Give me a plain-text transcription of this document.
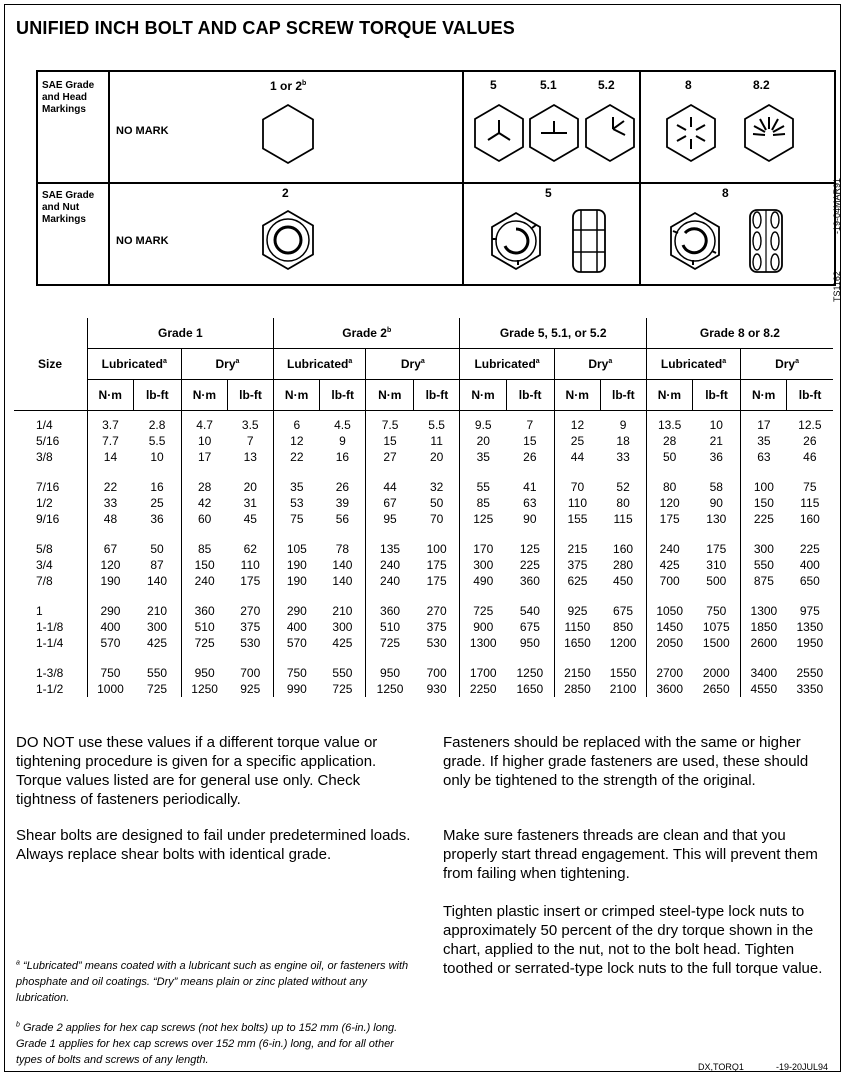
UNIFIED INCH BOLT AND CAP SCREW TORQUE VALUES
-19-04MAR91
TS1162
SAE Grade and Head Markings
NO MARK
1 or 2$^b$	5	5.1	5.2	8	8.2
SAE Grade and Nut Markings
NO MARK
2	5	8
Size	Grade 1				Grade 2$^b$				Grade 5, 5.1, or 5.2				Grade 8 or 8.2			
	Lubricated$^a$		Dry$^a$		Lubricated$^a$		Dry$^a$		Lubricated$^a$		Dry$^a$		Lubricated$^a$		Dry$^a$
	N·m	lb-ft	N·m	lb-ft	N·m	lb-ft	N·m	lb-ft	N·m	lb-ft	N·m	lb-ft	N·m	lb-ft	N·m	lb-ft
1/4	3.7	2.8	4.7	3.5	6	4.5	7.5	5.5	9.5	7	12	9	13.5	10	17	12.5
5/16	7.7	5.5	10	7	12	9	15	11	20	15	25	18	28	21	35	26
3/8	14	10	17	13	22	16	27	20	35	26	44	33	50	36	63	46

7/16	22	16	28	20	35	26	44	32	55	41	70	52	80	58	100	75
1/2	33	25	42	31	53	39	67	50	85	63	110	80	120	90	150	115
9/16	48	36	60	45	75	56	95	70	125	90	155	115	175	130	225	160

5/8	67	50	85	62	105	78	135	100	170	125	215	160	240	175	300	225
3/4	120	87	150	110	190	140	240	175	300	225	375	280	425	310	550	400
7/8	190	140	240	175	190	140	240	175	490	360	625	450	700	500	875	650

1	290	210	360	270	290	210	360	270	725	540	925	675	1050	750	1300	975
1-1/8	400	300	510	375	400	300	510	375	900	675	1150	850	1450	1075	1850	1350
1-1/4	570	425	725	530	570	425	725	530	1300	950	1650	1200	2050	1500	2600	1950

1-3/8	750	550	950	700	750	550	950	700	1700	1250	2150	1550	2700	2000	3400	2550
1-1/2	1000	725	1250	925	990	725	1250	930	2250	1650	2850	2100	3600	2650	4550	3350
DO NOT use these values if a different torque value or tightening procedure is given for a specific application. Torque values listed are for general use only. Check tightness of fasteners periodically.
Shear bolts are designed to fail under predetermined loads. Always replace shear bolts with identical grade.
Fasteners should be replaced with the same or higher grade. If higher grade fasteners are used, these should only be tightened to the strength of the original.
Make sure fasteners threads are clean and that you properly start thread engagement. This will prevent them from failing when tightening.
Tighten plastic insert or crimped steel-type lock nuts to approximately 50 percent of the dry torque shown in the chart, applied to the nut, not to the bolt head. Tighten toothed or serrated-type lock nuts to the full torque value.
$^a$ “Lubricated” means coated with a lubricant such as engine oil, or fasteners with phosphate and oil coatings. “Dry” means plain or zinc plated without any lubrication.
$^b$ Grade 2 applies for hex cap screws (not hex bolts) up to 152 mm (6-in.) long. Grade 1 applies for hex cap screws over 152 mm (6-in.) long, and for all other types of bolts and screws of any length.
DX,TORQ1	-19-20JUL94
